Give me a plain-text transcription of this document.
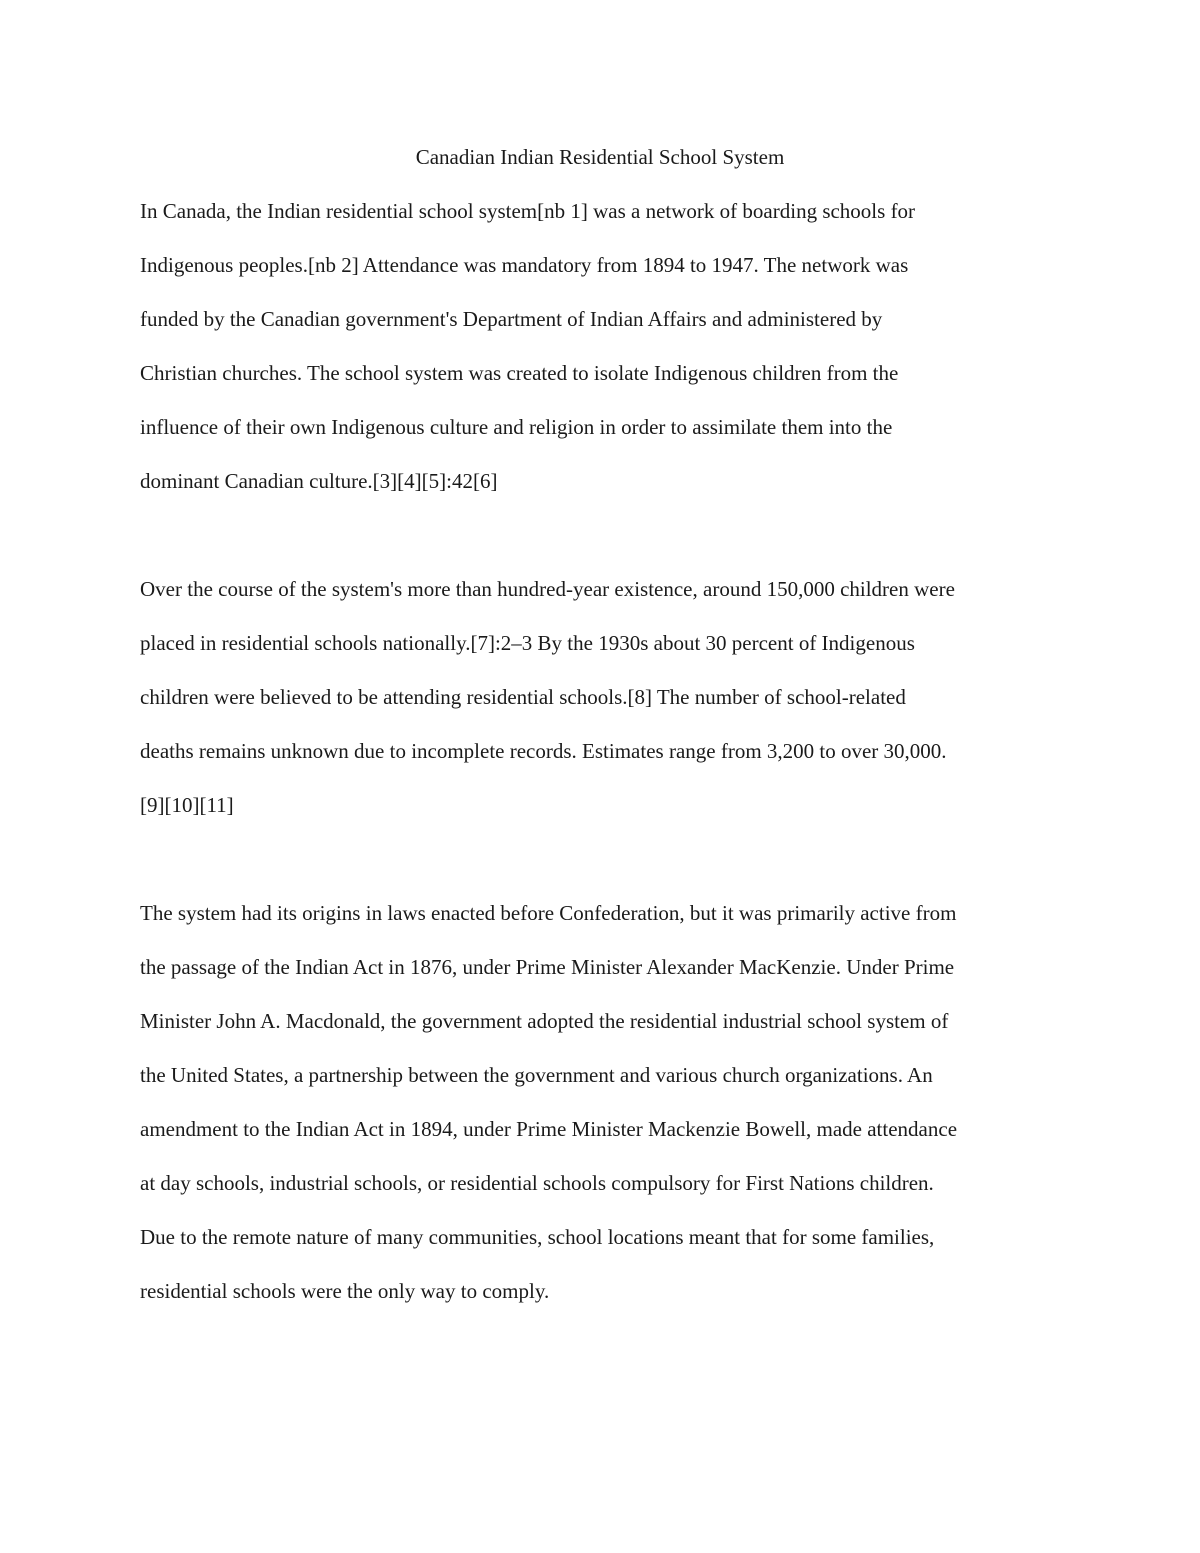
Canadian Indian Residential School System
In Canada, the Indian residential school system[nb 1] was a network of boarding schools for
Indigenous peoples.[nb 2] Attendance was mandatory from 1894 to 1947. The network was
funded by the Canadian government's Department of Indian Affairs and administered by
Christian churches. The school system was created to isolate Indigenous children from the
influence of their own Indigenous culture and religion in order to assimilate them into the
dominant Canadian culture.[3][4][5]:42[6]
Over the course of the system's more than hundred-year existence, around 150,000 children were
placed in residential schools nationally.[7]:2–3 By the 1930s about 30 percent of Indigenous
children were believed to be attending residential schools.[8] The number of school-related
deaths remains unknown due to incomplete records. Estimates range from 3,200 to over 30,000.
[9][10][11]
The system had its origins in laws enacted before Confederation, but it was primarily active from
the passage of the Indian Act in 1876, under Prime Minister Alexander MacKenzie. Under Prime
Minister John A. Macdonald, the government adopted the residential industrial school system of
the United States, a partnership between the government and various church organizations. An
amendment to the Indian Act in 1894, under Prime Minister Mackenzie Bowell, made attendance
at day schools, industrial schools, or residential schools compulsory for First Nations children.
Due to the remote nature of many communities, school locations meant that for some families,
residential schools were the only way to comply.
